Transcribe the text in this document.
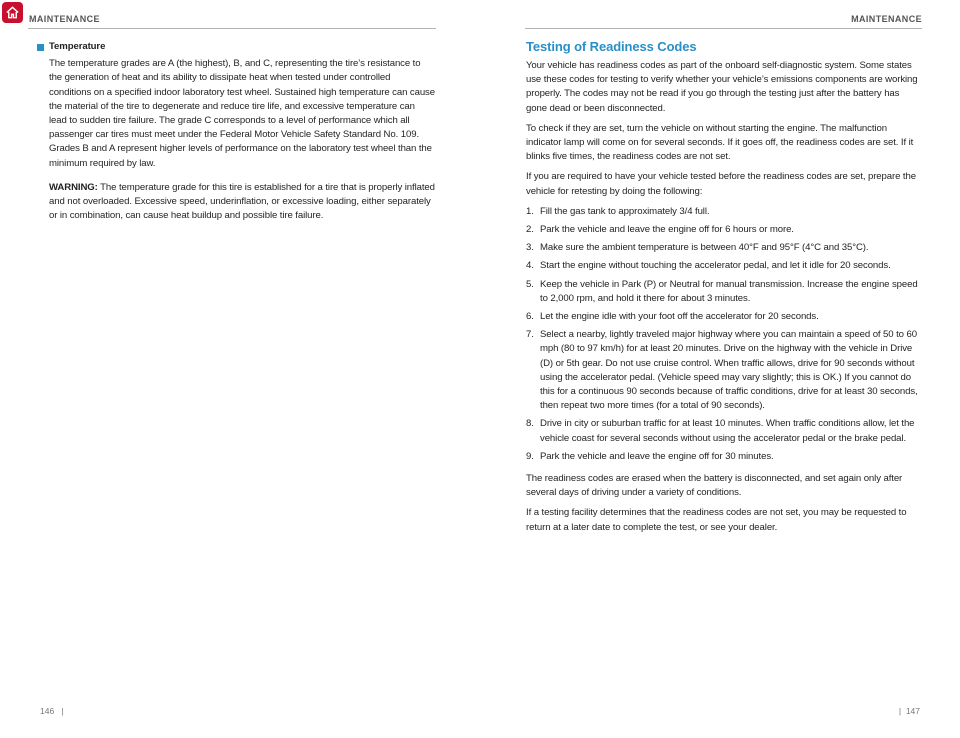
MAINTENANCE	MAINTENANCE
Temperature

The temperature grades are A (the highest), B, and C, representing the tire’s resistance to the generation of heat and its ability to dissipate heat when tested under controlled conditions on a specified indoor laboratory test wheel. Sustained high temperature can cause the material of the tire to degenerate and reduce tire life, and excessive temperature can lead to sudden tire failure. The grade C corresponds to a level of performance which all passenger car tires must meet under the Federal Motor Vehicle Safety Standard No. 109. Grades B and A represent higher levels of performance on the laboratory test wheel than the minimum required by law.

WARNING: The temperature grade for this tire is established for a tire that is properly inflated and not overloaded. Excessive speed, underinflation, or excessive loading, either separately or in combination, can cause heat buildup and possible tire failure.

Testing of Readiness Codes

Your vehicle has readiness codes as part of the onboard self-diagnostic system. Some states use these codes for testing to verify whether your vehicle’s emissions components are working properly. The codes may not be read if you go through the testing just after the battery has gone dead or been disconnected.

To check if they are set, turn the vehicle on without starting the engine. The malfunction indicator lamp will come on for several seconds. If it goes off, the readiness codes are set. If it blinks five times, the readiness codes are not set.

If you are required to have your vehicle tested before the readiness codes are set, prepare the vehicle for retesting by doing the following:

1. Fill the gas tank to approximately 3/4 full.
2. Park the vehicle and leave the engine off for 6 hours or more.
3. Make sure the ambient temperature is between 40°F and 95°F (4°C and 35°C).
4. Start the engine without touching the accelerator pedal, and let it idle for 20 seconds.
5. Keep the vehicle in Park (P) or Neutral for manual transmission. Increase the engine speed to 2,000 rpm, and hold it there for about 3 minutes.
6. Let the engine idle with your foot off the accelerator for 20 seconds.
7. Select a nearby, lightly traveled major highway where you can maintain a speed of 50 to 60 mph (80 to 97 km/h) for at least 20 minutes. Drive on the highway with the vehicle in Drive (D) or 5th gear. Do not use cruise control. When traffic allows, drive for 90 seconds without using the accelerator pedal. (Vehicle speed may vary slightly; this is OK.) If you cannot do this for a continuous 90 seconds because of traffic conditions, drive for at least 30 seconds, then repeat two more times (for a total of 90 seconds).
8. Drive in city or suburban traffic for at least 10 minutes. When traffic conditions allow, let the vehicle coast for several seconds without using the accelerator pedal or the brake pedal.
9. Park the vehicle and leave the engine off for 30 minutes.

The readiness codes are erased when the battery is disconnected, and set again only after several days of driving under a variety of conditions.

If a testing facility determines that the readiness codes are not set, you may be requested to return at a later date to complete the test, or see your dealer.

146   |	|  147
